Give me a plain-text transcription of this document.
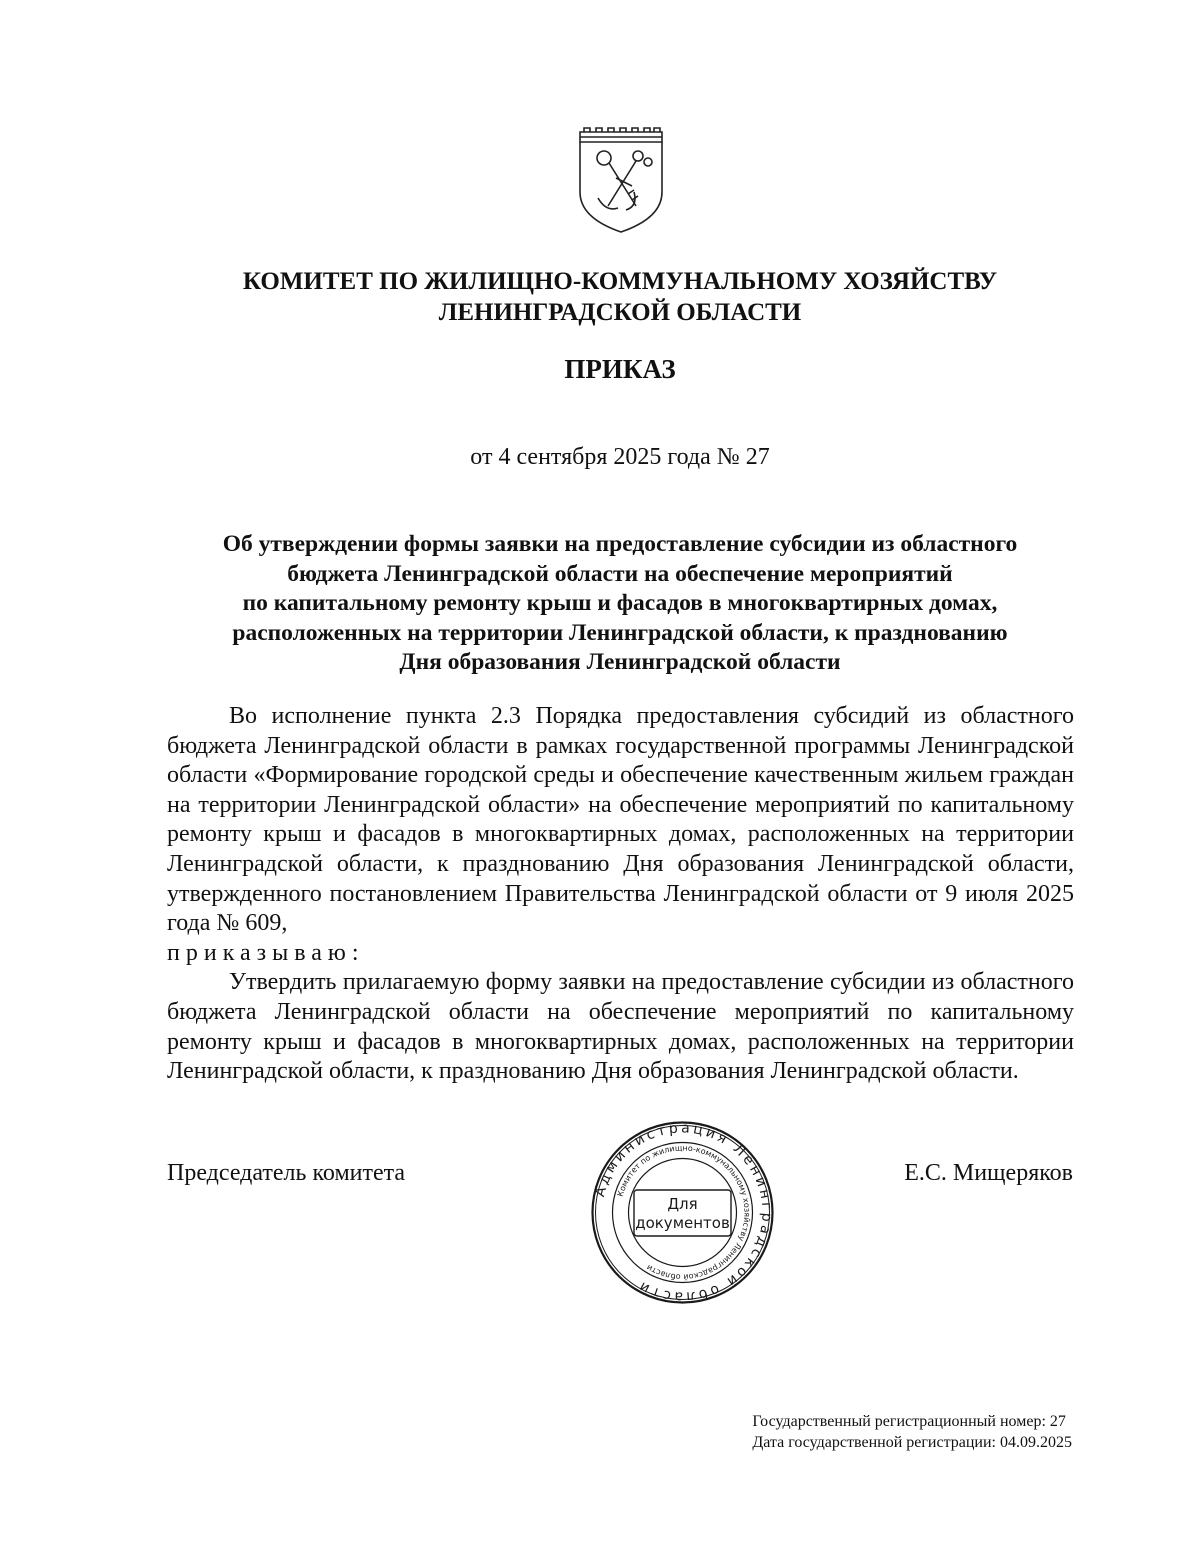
КОМИТЕТ ПО ЖИЛИЩНО-КОММУНАЛЬНОМУ ХОЗЯЙСТВУ
ЛЕНИНГРАДСКОЙ ОБЛАСТИ
ПРИКАЗ
от 4 сентября 2025 года № 27
Об утверждении формы заявки на предоставление субсидии из областного
бюджета Ленинградской области на обеспечение мероприятий
по капитальному ремонту крыш и фасадов в многоквартирных домах,
расположенных на территории Ленинградской области, к празднованию
Дня образования Ленинградской области

Во исполнение пункта 2.3 Порядка предоставления субсидий из областного бюджета Ленинградской области в рамках государственной программы Ленинградской области «Формирование городской среды и обеспечение качественным жильем граждан на территории Ленинградской области» на обеспечение мероприятий по капитальному ремонту крыш и фасадов в многоквартирных домах, расположенных на территории Ленинградской области, к празднованию Дня образования Ленинградской области, утвержденного постановлением Правительства Ленинградской области от 9 июля 2025 года № 609,

приказываю:

Утвердить прилагаемую форму заявки на предоставление субсидии из областного бюджета Ленинградской области на обеспечение мероприятий по капитальному ремонту крыш и фасадов в многоквартирных домах, расположенных на территории Ленинградской области, к празднованию Дня образования Ленинградской области.

Председатель комитета	Е.С. Мищеряков
Администрация Ленинградской области
Комитет по жилищно-коммунальному хозяйству Ленинградской области
Для
документов
Государственный регистрационный номер: 27
Дата государственной регистрации: 04.09.2025
